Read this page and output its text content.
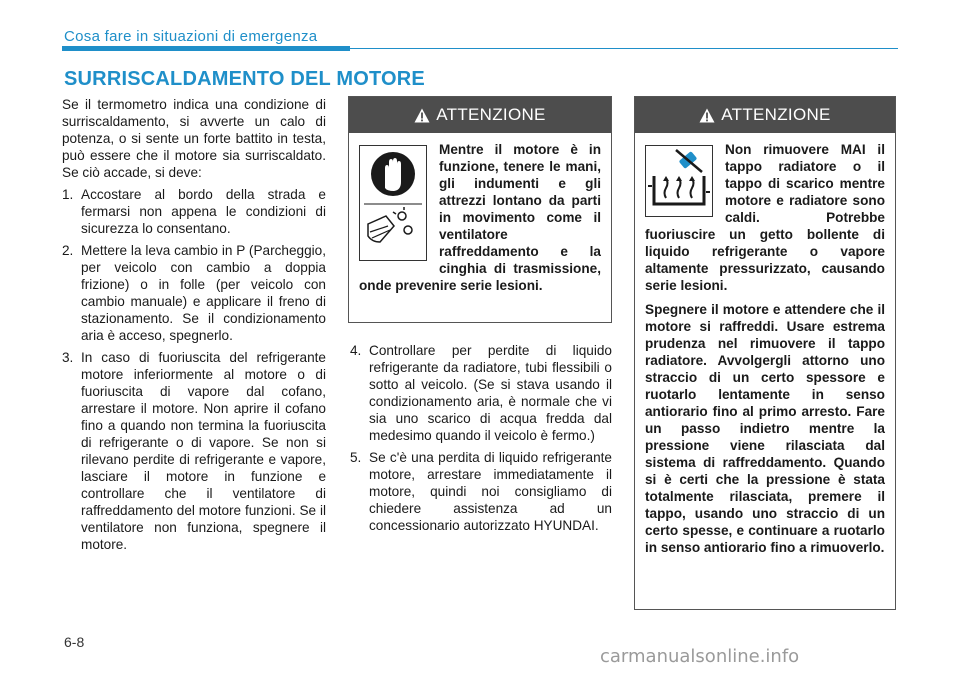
Cosa fare in situazioni di emergenza
SURRISCALDAMENTO DEL MOTORE

Se il termometro indica una condizione di surriscaldamento, si avverte un calo di potenza, o si sente un forte battito in testa, può essere che il motore sia surriscaldato. Se ciò accade, si deve:

1. Accostare al bordo della strada e fermarsi non appena le condizioni di sicurezza lo consentano.
2. Mettere la leva cambio in P (Parcheggio, per veicolo con cambio a doppia frizione) o in folle (per veicolo con cambio manuale) e applicare il freno di stazionamento. Se il condizionamento aria è acceso, spegnerlo.
3. In caso di fuoriuscita del refrigerante motore inferiormente al motore o di fuoriuscita di vapore dal cofano, arrestare il motore. Non aprire il cofano fino a quando non termina la fuoriuscita di refrigerante o di vapore. Se non si rilevano perdite di refrigerante e vapore, lasciare il motore in funzione e controllare che il ventilatore di raffreddamento del motore funzioni. Se il ventilatore non funziona, spegnere il motore.
ATTENZIONE

Mentre il motore è in funzione, tenere le mani, gli indumenti e gli attrezzi lontano da parti in movimento come il ventilatore raffreddamento e la cinghia di trasmissione, onde prevenire serie lesioni.

4. Controllare per perdite di liquido refrigerante da radiatore, tubi flessibili o sotto al veicolo. (Se si stava usando il condizionamento aria, è normale che vi sia uno scarico di acqua fredda dal medesimo quando il veicolo è fermo.)
5. Se c'è una perdita di liquido refrigerante motore, arrestare immediatamente il motore, quindi noi consigliamo di chiedere assistenza ad un concessionario autorizzato HYUNDAI.
ATTENZIONE

Non rimuovere MAI il tappo radiatore o il tappo di scarico mentre motore e radiatore sono caldi. Potrebbe fuoriuscire un getto bollente di liquido refrigerante o vapore altamente pressurizzato, causando serie lesioni.

Spegnere il motore e attendere che il motore si raffreddi. Usare estrema prudenza nel rimuovere il tappo radiatore. Avvolgergli attorno uno straccio di un certo spessore e ruotarlo lentamente in senso antiorario fino al primo arresto. Fare un passo indietro mentre la pressione viene rilasciata dal sistema di raffreddamento. Quando si è certi che la pressione è stata totalmente rilasciata, premere il tappo, usando uno straccio di un certo spesse, e continuare a ruotarlo in senso antiorario fino a rimuoverlo.

6-8
carmanualsonline.info
